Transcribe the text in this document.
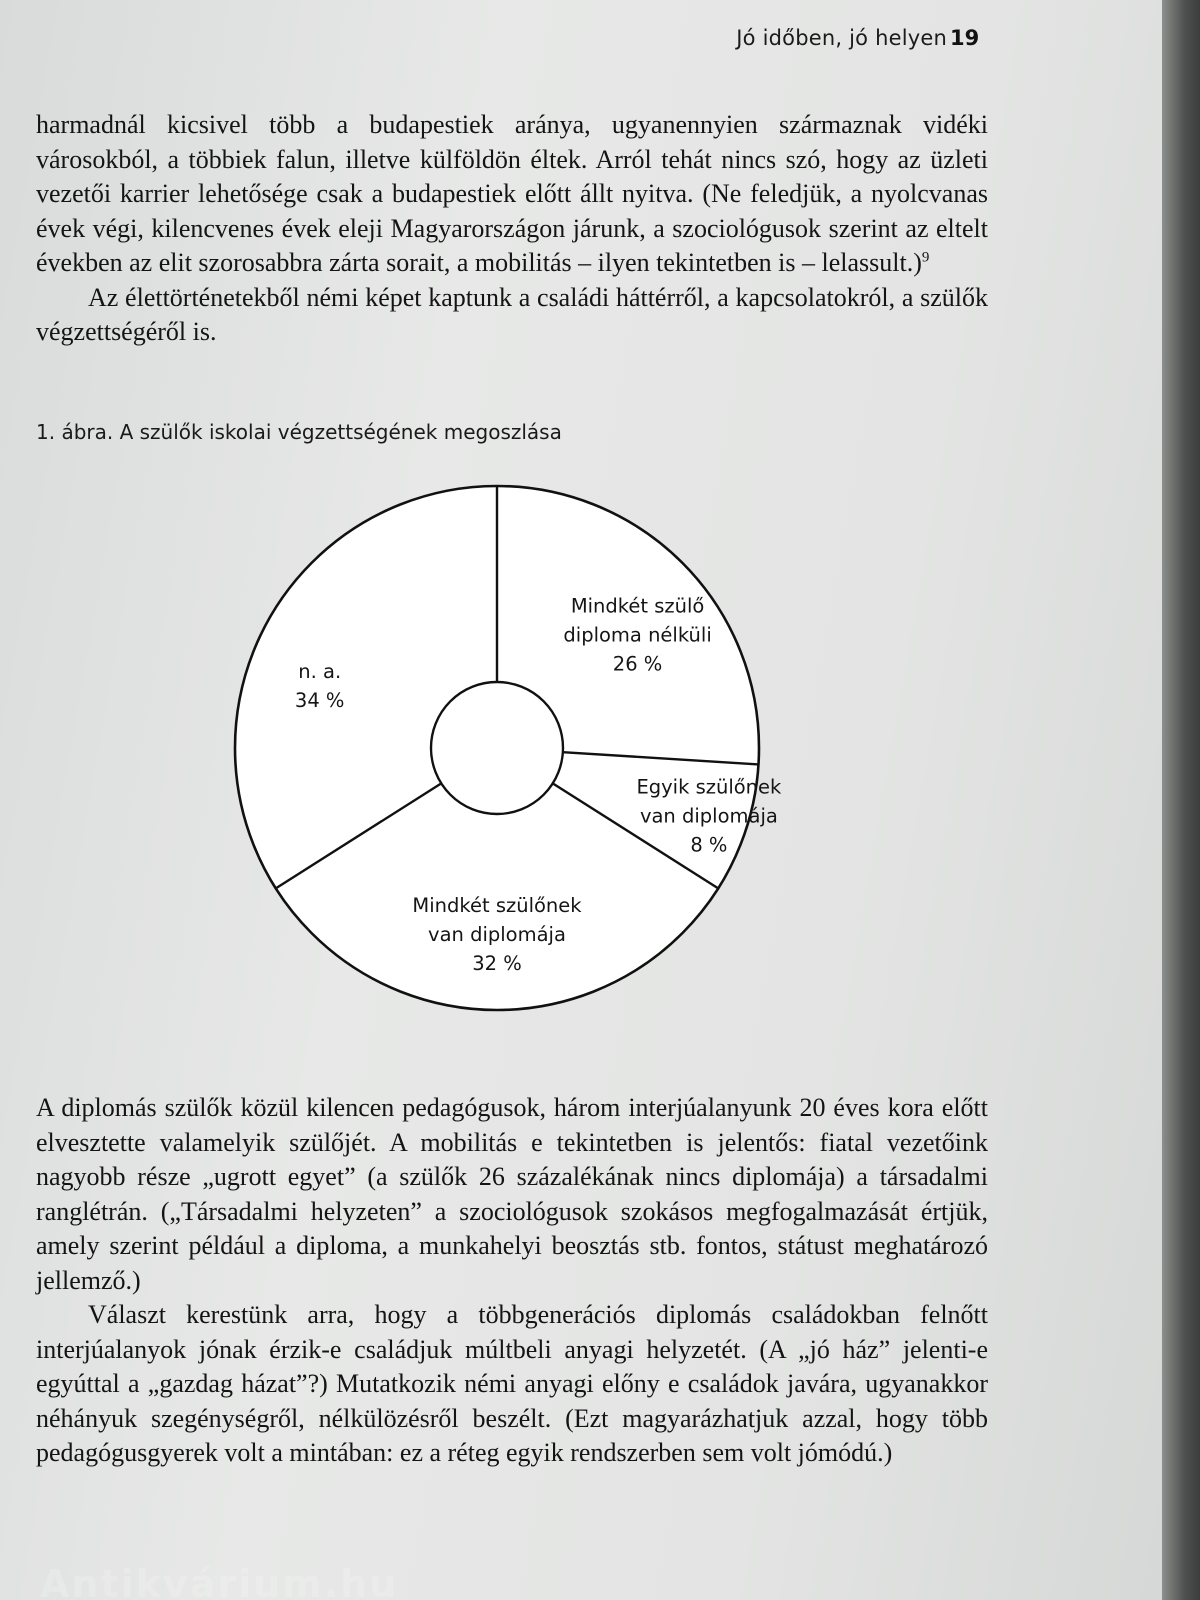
Jó időben, jó helyen 19

harmadnál kicsivel több a budapestiek aránya, ugyanennyien származnak vidéki városokból, a többiek falun, illetve külföldön éltek. Arról tehát nincs szó, hogy az üzleti vezetői karrier lehetősége csak a budapestiek előtt állt nyitva. (Ne feledjük, a nyolcvanas évek végi, kilencvenes évek eleji Magyarországon járunk, a szociológusok szerint az eltelt években az elit szorosabbra zárta sorait, a mobilitás – ilyen tekintetben is – lelassult.)$^9$

Az élettörténetekből némi képet kaptunk a családi háttérről, a kapcsolatokról, a szülők végzettségéről is.

1. ábra. A szülők iskolai végzettségének megoszlása
Mindkét szülő
diploma nélküli
26 %
Egyik szülőnek
van diplomája
8 %
Mindkét szülőnek
van diplomája
32 %
n. a.
34 %

A diplomás szülők közül kilencen pedagógusok, három interjúalanyunk 20 éves kora előtt elvesztette valamelyik szülőjét. A mobilitás e tekintetben is jelentős: fiatal vezetőink nagyobb része „ugrott egyet” (a szülők 26 százalékának nincs diplomája) a társadalmi ranglétrán. („Társadalmi helyzeten” a szociológusok szokásos megfogalmazását értjük, amely szerint például a diploma, a munkahelyi beosztás stb. fontos, státust meghatározó jellemző.)

Választ kerestünk arra, hogy a többgenerációs diplomás családokban felnőtt interjúalanyok jónak érzik-e családjuk múltbeli anyagi helyzetét. (A „jó ház” jelenti-e egyúttal a „gazdag házat”?) Mutatkozik némi anyagi előny e családok javára, ugyanakkor néhányuk szegénységről, nélkülözésről beszélt. (Ezt magyarázhatjuk azzal, hogy több pedagógusgyerek volt a mintában: ez a réteg egyik rendszerben sem volt jómódú.)

Antikvárium.hu
